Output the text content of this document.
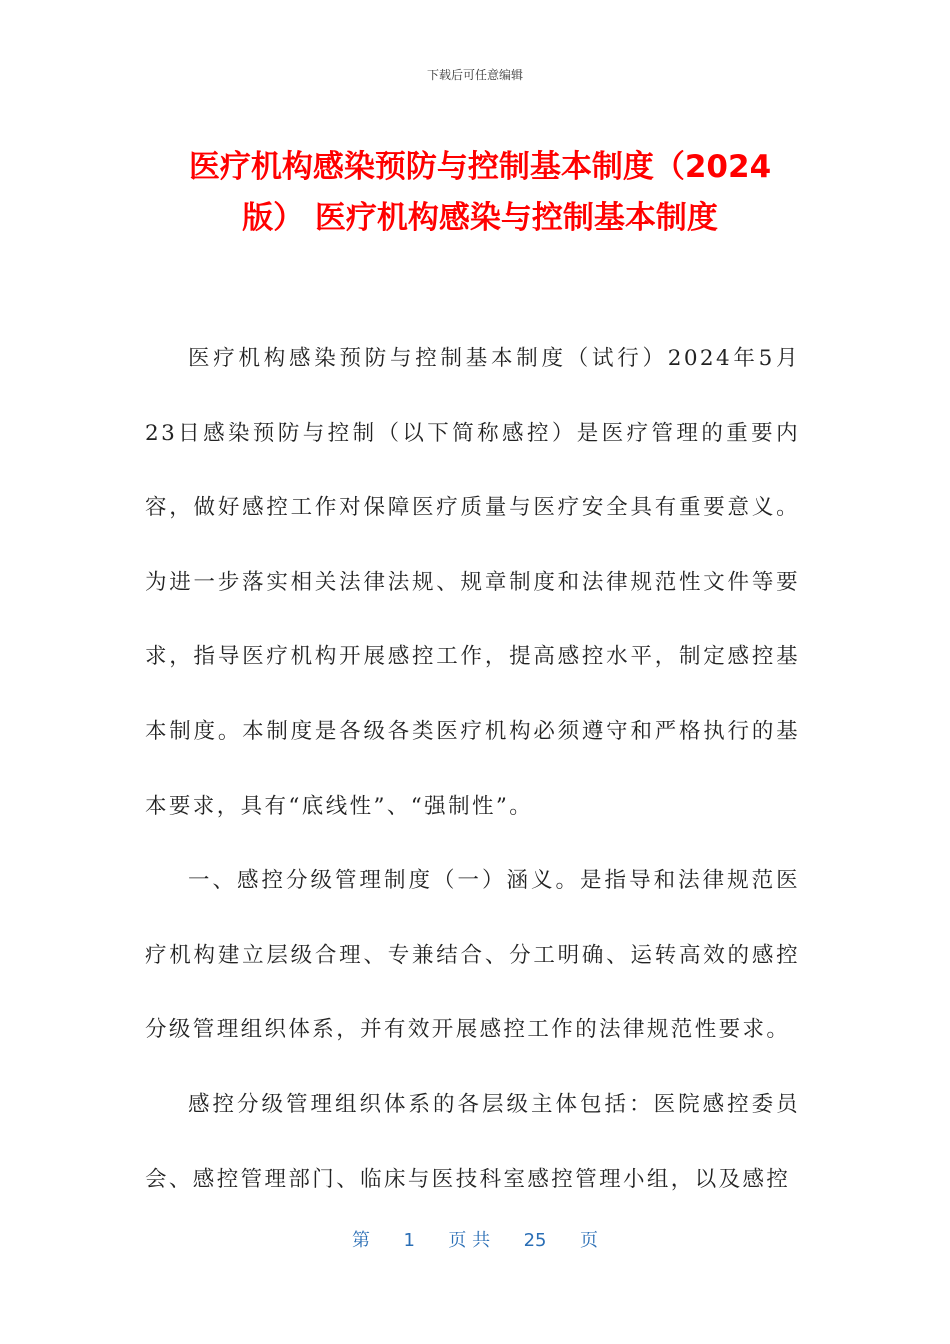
下载后可任意编辑
医疗机构感染预防与控制基本制度（2024版） 医疗机构感染与控制基本制度

医疗机构感染预防与控制基本制度（试行）2024年5月23日感染预防与控制（以下简称感控）是医疗管理的重要内容，做好感控工作对保障医疗质量与医疗安全具有重要意义。为进一步落实相关法律法规、规章制度和法律规范性文件等要求，指导医疗机构开展感控工作，提高感控水平，制定感控基本制度。本制度是各级各类医疗机构必须遵守和严格执行的基本要求，具有“底线性”、“强制性”。

一、感控分级管理制度（一）涵义。是指导和法律规范医疗机构建立层级合理、专兼结合、分工明确、运转高效的感控分级管理组织体系，并有效开展感控工作的法律规范性要求。

感控分级管理组织体系的各层级主体包括：医院感控委员会、感控管理部门、临床与医技科室感控管理小组，以及感控

第 1 页 共 25 页
